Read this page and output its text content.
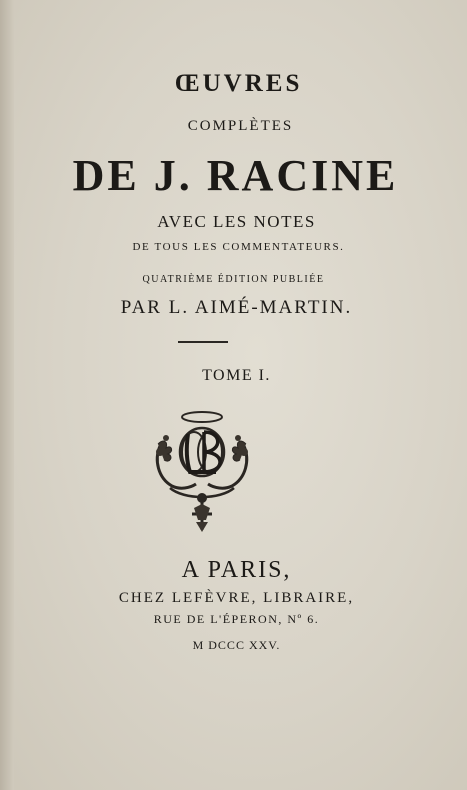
ŒUVRES
COMPLÈTES
DE J. RACINE
AVEC LES NOTES
DE TOUS LES COMMENTATEURS.
QUATRIÈME ÉDITION PUBLIÉE
PAR L. AIMÉ-MARTIN.
TOME I.
A PARIS,
CHEZ LEFÈVRE, LIBRAIRE,
RUE DE L'ÉPERON, Nº 6.
M DCCC XXV.
